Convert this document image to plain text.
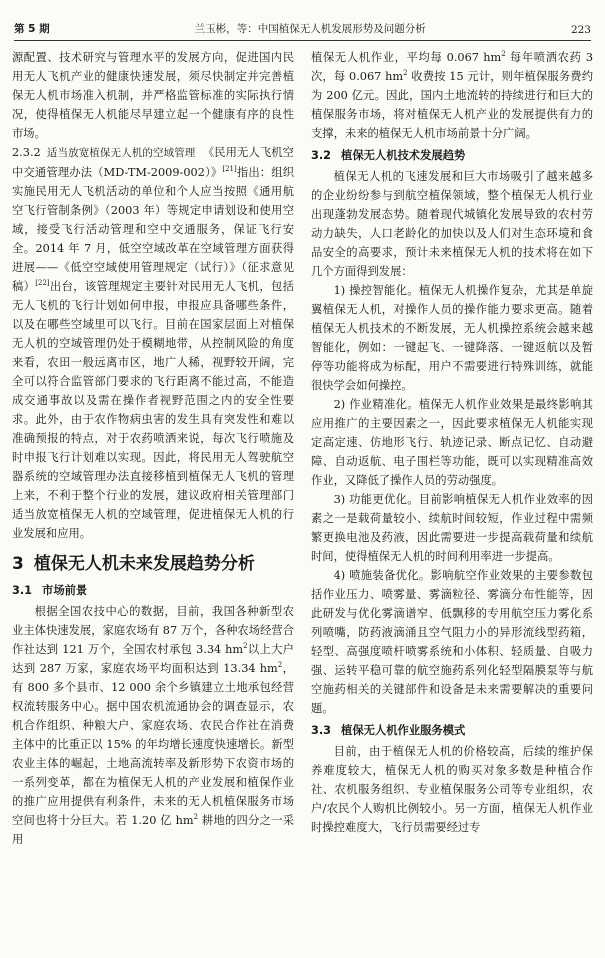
第 5 期	兰玉彬，等：中国植保无人机发展形势及问题分析	223

源配置、技术研究与管理水平的发展方向，促进国内民用无人飞机产业的健康快速发展，须尽快制定并完善植保无人机市场准入机制，并严格监管标准的实际执行情况，使得植保无人机能尽早建立起一个健康有序的良性市场。

2.3.2 适当放宽植保无人机的空域管理 《民用无人飞机空中交通管理办法（MD-TM-2009-002）》[21]指出：组织实施民用无人飞机活动的单位和个人应当按照《通用航空飞行管制条例》（2003 年）等规定申请划设和使用空域，接受飞行活动管理和空中交通服务，保证飞行安全。2014 年 7 月，低空空域改革在空域管理方面获得进展——《低空空域使用管理规定（试行）》（征求意见稿）[22]出台，该管理规定主要针对民用无人飞机，包括无人飞机的飞行计划如何申报，申报应具备哪些条件，以及在哪些空域里可以飞行。目前在国家层面上对植保无人机的空域管理仍处于模糊地带，从控制风险的角度来看，农田一般远离市区，地广人稀，视野较开阔，完全可以符合监管部门要求的飞行距离不能过高，不能造成交通事故以及需在操作者视野范围之内的安全性要求。此外，由于农作物病虫害的发生具有突发性和难以准确预报的特点，对于农药喷洒来说，每次飞行喷施及时申报飞行计划难以实现。因此，将民用无人驾驶航空器系统的空域管理办法直接移植到植保无人飞机的管理上来，不利于整个行业的发展，建议政府相关管理部门适当放宽植保无人机的空域管理，促进植保无人机的行业发展和应用。

3 植保无人机未来发展趋势分析
3.1 市场前景

根据全国农技中心的数据，目前，我国各种新型农业主体快速发展，家庭农场有 87 万个，各种农场经营合作社达到 121 万个，全国农村承包 3.34 hm$^2$以上大户达到 287 万家，家庭农场平均面积达到 13.34 hm$^2$，有 800 多个县市、12 000 余个乡镇建立土地承包经营权流转服务中心。据中国农机流通协会的调查显示，农机合作组织、种粮大户、家庭农场、农民合作社在消费主体中的比重正以 15% 的年均增长速度快速增长。新型农业主体的崛起，土地高流转率及新形势下农资市场的一系列变革，都在为植保无人机的产业发展和植保作业的推广应用提供有利条件，未来的无人机植保服务市场空间也将十分巨大。若 1.20 亿 hm$^2$ 耕地的四分之一采用

植保无人机作业，平均每 0.067 hm$^2$ 每年喷洒农药 3 次，每 0.067 hm$^2$ 收费按 15 元计，则年植保服务费约为 200 亿元。因此，国内土地流转的持续进行和巨大的植保服务市场，将对植保无人机产业的发展提供有力的支撑，未来的植保无人机市场前景十分广阔。

3.2 植保无人机技术发展趋势

植保无人机的飞速发展和巨大市场吸引了越来越多的企业纷纷参与到航空植保领域，整个植保无人机行业出现蓬勃发展态势。随着现代城镇化发展导致的农村劳动力缺失，人口老龄化的加快以及人们对生态环境和食品安全的高要求，预计未来植保无人机的技术将在如下几个方面得到发展：

1) 操控智能化。植保无人机操作复杂，尤其是单旋翼植保无人机，对操作人员的操作能力要求更高。随着植保无人机技术的不断发展，无人机操控系统会越来越智能化，例如：一键起飞、一键降落、一键返航以及暂停等功能将成为标配，用户不需要进行特殊训练，就能很快学会如何操控。

2) 作业精准化。植保无人机作业效果是最终影响其应用推广的主要因素之一，因此要求植保无人机能实现定高定速、仿地形飞行、轨迹记录、断点记忆、自动避障、自动返航、电子围栏等功能，既可以实现精准高效作业，又降低了操作人员的劳动强度。

3) 功能更优化。目前影响植保无人机作业效率的因素之一是载荷量较小、续航时间较短，作业过程中需频繁更换电池及药液，因此需要进一步提高载荷量和续航时间，使得植保无人机的时间利用率进一步提高。

4) 喷施装备优化。影响航空作业效果的主要参数包括作业压力、喷雾量、雾滴粒径、雾滴分布性能等，因此研发与优化雾滴谱窄、低飘移的专用航空压力雾化系列喷嘴，防药液滴涌且空气阻力小的异形流线型药箱，轻型、高强度喷杆喷雾系统和小体积、轻质量、自吸力强、运转平稳可靠的航空施药系列化轻型隔膜泵等与航空施药相关的关键部件和设备是未来需要解决的重要问题。

3.3 植保无人机作业服务模式

目前，由于植保无人机的价格较高，后续的维护保养难度较大，植保无人机的购买对象多数是种植合作社、农机服务组织、专业植保服务公司等专业组织，农户/农民个人购机比例较小。另一方面，植保无人机作业时操控难度大，飞行员需要经过专
